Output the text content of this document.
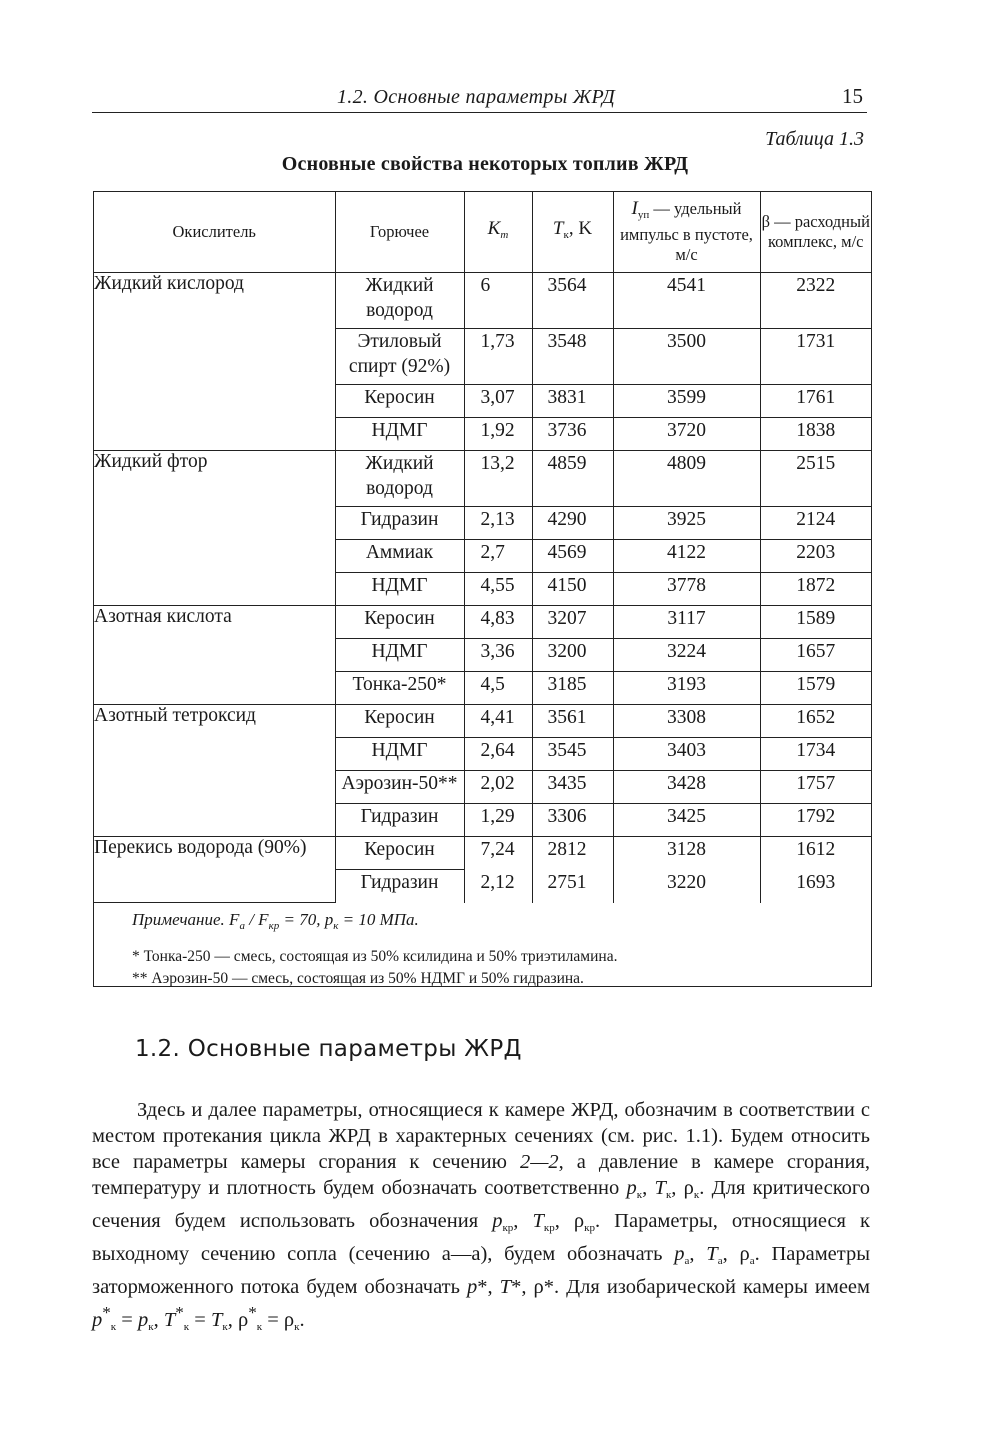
1.2. Основные параметры ЖРД	15
Таблица 1.3
Основные свойства некоторых топлив ЖРД
Окислитель	Горючее	$K_m$	$T_к$, K	$I_{уп}$ — удельный импульс в пустоте, м/с	β — расходный комплекс, м/с
Жидкий кислород	Жидкий водород	6	3564	4541	2322
	Этиловый спирт (92%)	1,73	3548	3500	1731
	Керосин	3,07	3831	3599	1761
	НДМГ	1,92	3736	3720	1838
Жидкий фтор	Жидкий водород	13,2	4859	4809	2515
	Гидразин	2,13	4290	3925	2124
	Аммиак	2,7	4569	4122	2203
	НДМГ	4,55	4150	3778	1872
Азотная кислота	Керосин	4,83	3207	3117	1589
	НДМГ	3,36	3200	3224	1657
	Тонка-250*	4,5	3185	3193	1579
Азотный тетроксид	Керосин	4,41	3561	3308	1652
	НДМГ	2,64	3545	3403	1734
	Аэрозин-50**	2,02	3435	3428	1757
	Гидразин	1,29	3306	3425	1792
Перекись водорода (90%)	Керосин	7,24	2812	3128	1612
	Гидразин	2,12	2751	3220	1693
Примечание. $F_а / F_{кр} = 70$, $p_к = 10$ МПа.
* Тонка-250 — смесь, состоящая из 50% ксилидина и 50% триэтиламина.
** Аэрозин-50 — смесь, состоящая из 50% НДМГ и 50% гидразина.
1.2. Основные параметры ЖРД

Здесь и далее параметры, относящиеся к камере ЖРД, обозначим в соответствии с местом протекания цикла ЖРД в характерных сечениях (см. рис. 1.1). Будем относить все параметры камеры сгорания к сечению 2—2, а давление в камере сгорания, температуру и плотность будем обозначать соответственно $p_к$, $T_к$, $\rho_к$. Для критического сечения будем использовать обозначения $p_{кр}$, $T_{кр}$, $\rho_{кр}$. Параметры, относящиеся к выходному сечению сопла (сечению а—а), будем обозначать $p_а$, $T_а$, $\rho_а$. Параметры заторможенного потока будем обозначать p*, T*, ρ*. Для изобарической камеры имеем $p^*_к = p_к$, $T^*_к = T_к$, $\rho^*_к = \rho_к$.
